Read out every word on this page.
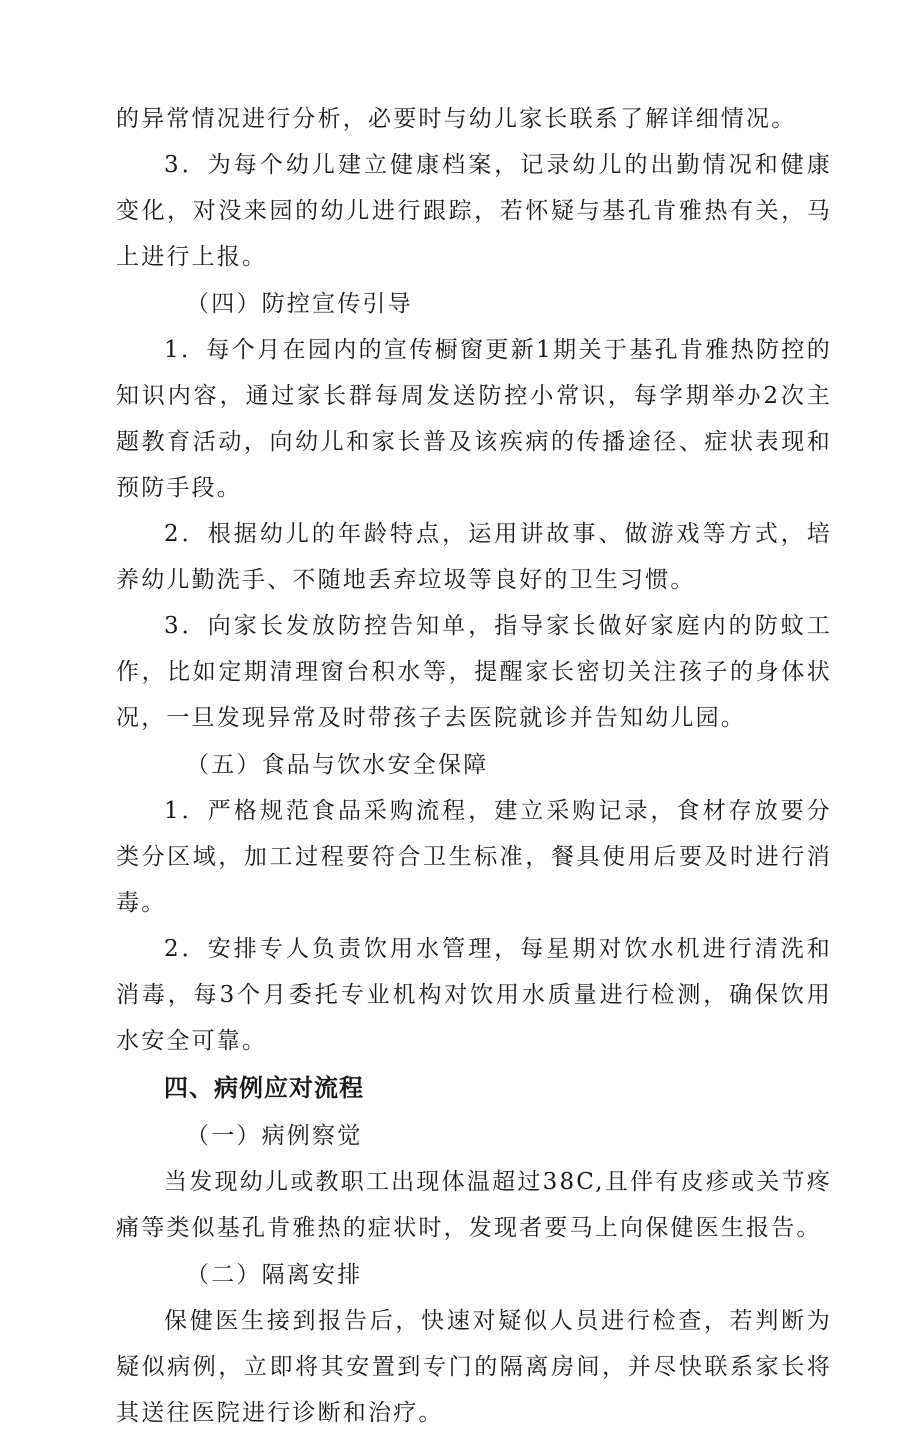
的异常情况进行分析，必要时与幼儿家长联系了解详细情况。

3．为每个幼儿建立健康档案，记录幼儿的出勤情况和健康变化，对没来园的幼儿进行跟踪，若怀疑与基孔肯雅热有关，马上进行上报。

（四）防控宣传引导

1．每个月在园内的宣传橱窗更新1期关于基孔肯雅热防控的知识内容，通过家长群每周发送防控小常识，每学期举办2次主题教育活动，向幼儿和家长普及该疾病的传播途径、症状表现和预防手段。

2．根据幼儿的年龄特点，运用讲故事、做游戏等方式，培养幼儿勤洗手、不随地丢弃垃圾等良好的卫生习惯。

3．向家长发放防控告知单，指导家长做好家庭内的防蚊工作，比如定期清理窗台积水等，提醒家长密切关注孩子的身体状况，一旦发现异常及时带孩子去医院就诊并告知幼儿园。

（五）食品与饮水安全保障

1．严格规范食品采购流程，建立采购记录，食材存放要分类分区域，加工过程要符合卫生标准，餐具使用后要及时进行消毒。

2．安排专人负责饮用水管理，每星期对饮水机进行清洗和消毒，每3个月委托专业机构对饮用水质量进行检测，确保饮用水安全可靠。

四、病例应对流程

（一）病例察觉

当发现幼儿或教职工出现体温超过38C,且伴有皮疹或关节疼痛等类似基孔肯雅热的症状时，发现者要马上向保健医生报告。

（二）隔离安排

保健医生接到报告后，快速对疑似人员进行检查，若判断为疑似病例，立即将其安置到专门的隔离房间，并尽快联系家长将其送往医院进行诊断和治疗。
